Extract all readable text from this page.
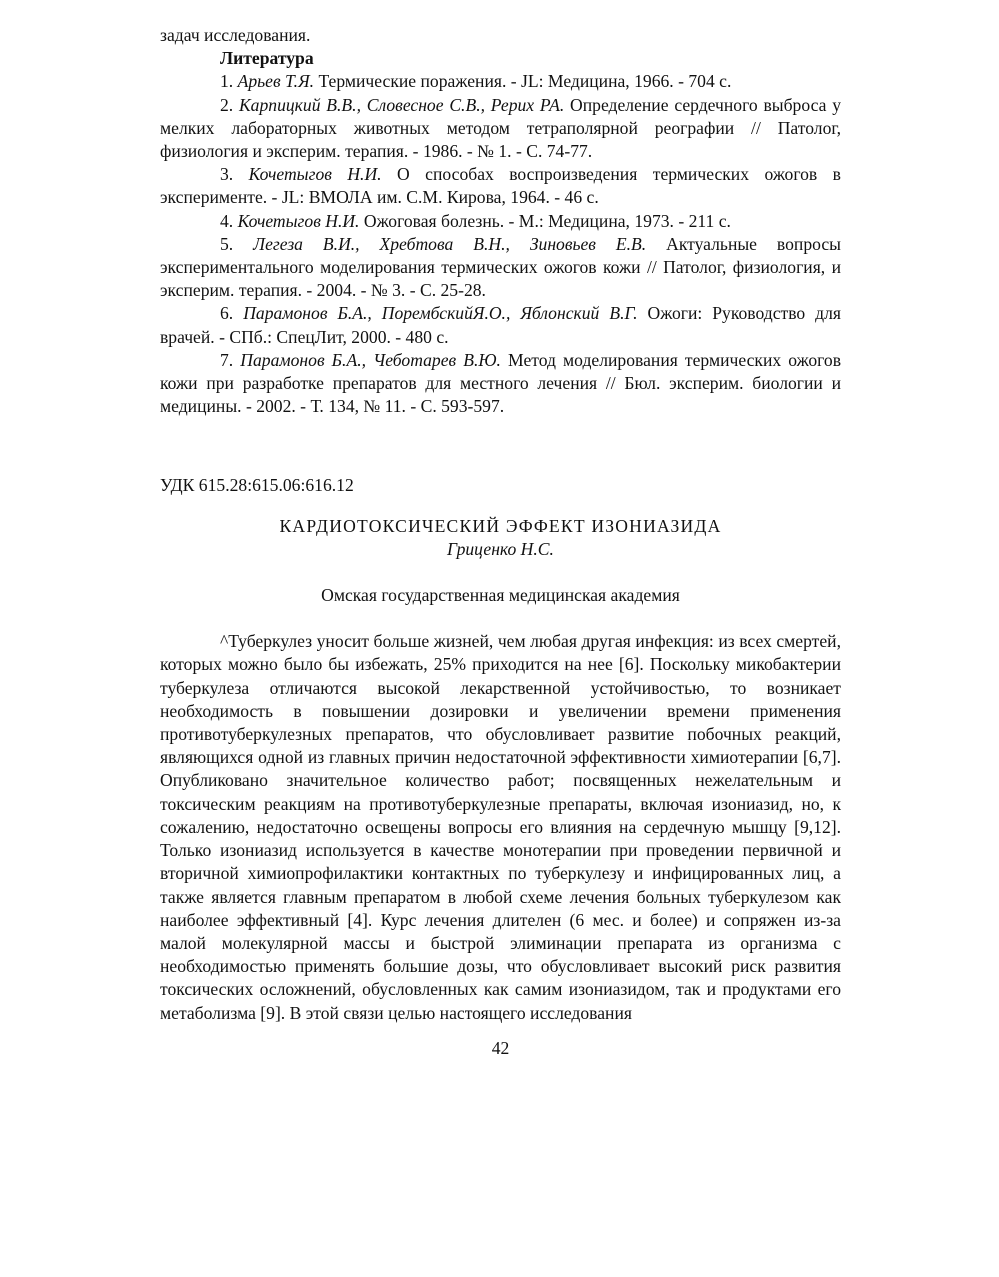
задач исследования.

Литература

1. Арьев Т.Я. Термические поражения. - JL: Медицина, 1966. - 704 с.

2. Карпицкий В.В., Словесное С.В., Рерих РА. Определение сердечного выброса у мелких лабораторных животных методом тетраполярной реографии // Патолог, физиология и эксперим. терапия. - 1986. - № 1. - С. 74-77.

3. Кочетыгов Н.И. О способах воспроизведения термических ожогов в эксперименте. - JL: ВМОЛА им. С.М. Кирова, 1964. - 46 с.

4. Кочетыгов Н.И. Ожоговая болезнь. - М.: Медицина, 1973. - 211 с.

5. Легеза В.И., Хребтова В.Н., Зиновьев Е.В. Актуальные вопросы экспериментального моделирования термических ожогов кожи // Патолог, физиология, и эксперим. терапия. - 2004. - № 3. - С. 25-28.

6. Парамонов Б.А., ПорембскийЯ.О., Яблонский В.Г. Ожоги: Руководство для врачей. - СПб.: СпецЛит, 2000. - 480 с.

7. Парамонов Б.А., Чеботарев В.Ю. Метод моделирования термических ожогов кожи при разработке препаратов для местного лечения // Бюл. эксперим. биологии и медицины. - 2002. - Т. 134, № 11. - С. 593-597.

УДК 615.28:615.06:616.12

КАРДИОТОКСИЧЕСКИЙ ЭФФЕКТ ИЗОНИАЗИДА

Гриценко Н.С.

Омская государственная медицинская академия

^Туберкулез уносит больше жизней, чем любая другая инфекция: из всех смертей, которых можно было бы избежать, 25% приходится на нее [6]. Поскольку микобактерии туберкулеза отличаются высокой лекарственной устойчивостью, то возникает необходимость в повышении дозировки и увеличении времени применения противотуберкулезных препаратов, что обусловливает развитие побочных реакций, являющихся одной из главных причин недостаточной эффективности химиотерапии [6,7]. Опубликовано значительное количество работ; посвященных нежелательным и токсическим реакциям на противотуберкулезные препараты, включая изониазид, но, к сожалению, недостаточно освещены вопросы его влияния на сердечную мышцу [9,12]. Только изониазид используется в качестве монотерапии при проведении первичной и вторичной химиопрофилактики контактных по туберкулезу и инфицированных лиц, а также является главным препаратом в любой схеме лечения больных туберкулезом как наиболее эффективный [4]. Курс лечения длителен (6 мес. и более) и сопряжен из-за малой молекулярной массы и быстрой элиминации препарата из организма с необходимостью применять большие дозы, что обусловливает высокий риск развития токсических осложнений, обусловленных как самим изониазидом, так и продуктами его метаболизма [9]. В этой связи целью настоящего исследования

42
